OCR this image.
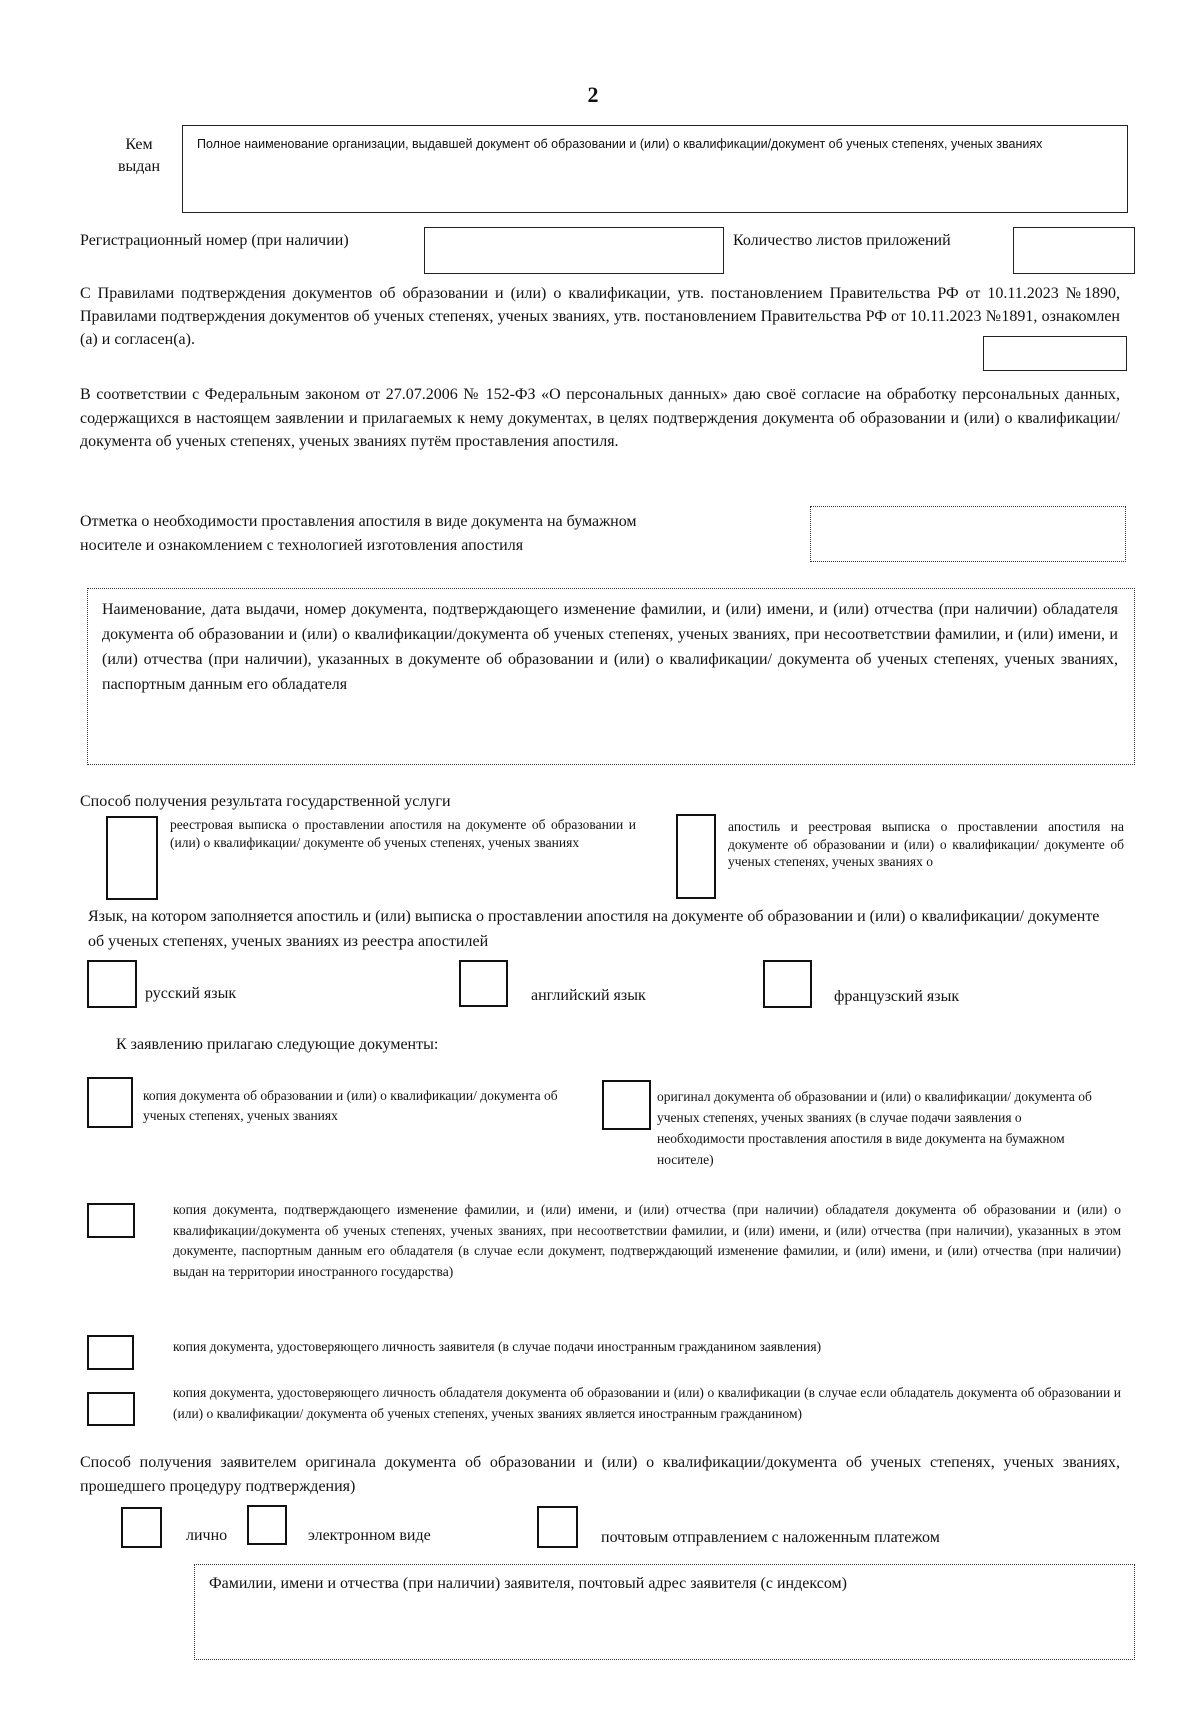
2
Кем выдан
Полное наименование организации, выдавшей документ об образовании и (или) о квалификации/документ об ученых степенях, ученых званиях
Регистрационный номер (при наличии)	Количество листов приложений
С Правилами подтверждения документов об образовании и (или) о квалификации, утв. постановлением Правительства РФ от 10.11.2023 №1890, Правилами подтверждения документов об ученых степенях, ученых званиях, утв. постановлением Правительства РФ от 10.11.2023 №1891, ознакомлен (а) и согласен(а).
В соответствии с Федеральным законом от 27.07.2006 № 152-ФЗ «О персональных данных» даю своё согласие на обработку персональных данных, содержащихся в настоящем заявлении и прилагаемых к нему документах, в целях подтверждения документа об образовании и (или) о квалификации/документа об ученых степенях, ученых званиях путём проставления апостиля.
Отметка о необходимости проставления апостиля в виде документа на бумажном носителе и ознакомлением с технологией изготовления апостиля
Наименование, дата выдачи, номер документа, подтверждающего изменение фамилии, и (или) имени, и (или) отчества (при наличии) обладателя документа об образовании и (или) о квалификации/документа об ученых степенях, ученых званиях, при несоответствии фамилии, и (или) имени, и (или) отчества (при наличии), указанных в документе об образовании и (или) о квалификации/ документа об ученых степенях, ученых званиях, паспортным данным его обладателя
Способ получения результата государственной услуги
реестровая выписка о проставлении апостиля на документе об образовании и (или) о квалификации/ документе об ученых степенях, ученых званиях
апостиль и реестровая выписка о проставлении апостиля на документе об образовании и (или) о квалификации/ документе об ученых степенях, ученых званиях о
Язык, на котором заполняется апостиль и (или) выписка о проставлении апостиля на документе об образовании и (или) о квалификации/ документе об ученых степенях, ученых званиях из реестра апостилей
русский язык	английский язык	французский язык
К заявлению прилагаю следующие документы:
копия документа об образовании и (или) о квалификации/ документа об ученых степенях, ученых званиях
оригинал документа об образовании и (или) о квалификации/ документа об ученых степенях, ученых званиях (в случае подачи заявления о необходимости проставления апостиля в виде документа на бумажном носителе)
копия документа, подтверждающего изменение фамилии, и (или) имени, и (или) отчества (при наличии) обладателя документа об образовании и (или) о квалификации/документа об ученых степенях, ученых званиях, при несоответствии фамилии, и (или) имени, и (или) отчества (при наличии), указанных в этом документе, паспортным данным его обладателя (в случае если документ, подтверждающий изменение фамилии, и (или) имени, и (или) отчества (при наличии) выдан на территории иностранного государства)
копия документа, удостоверяющего личность заявителя (в случае подачи иностранным гражданином заявления)
копия документа, удостоверяющего личность обладателя документа об образовании и (или) о квалификации (в случае если обладатель документа об образовании и (или) о квалификации/ документа об ученых степенях, ученых званиях является иностранным гражданином)
Способ получения заявителем оригинала документа об образовании и (или) о квалификации/документа об ученых степенях, ученых званиях, прошедшего процедуру подтверждения)
лично	электронном виде	почтовым отправлением с наложенным платежом
Фамилии, имени и отчества (при наличии) заявителя, почтовый адрес заявителя (с индексом)
